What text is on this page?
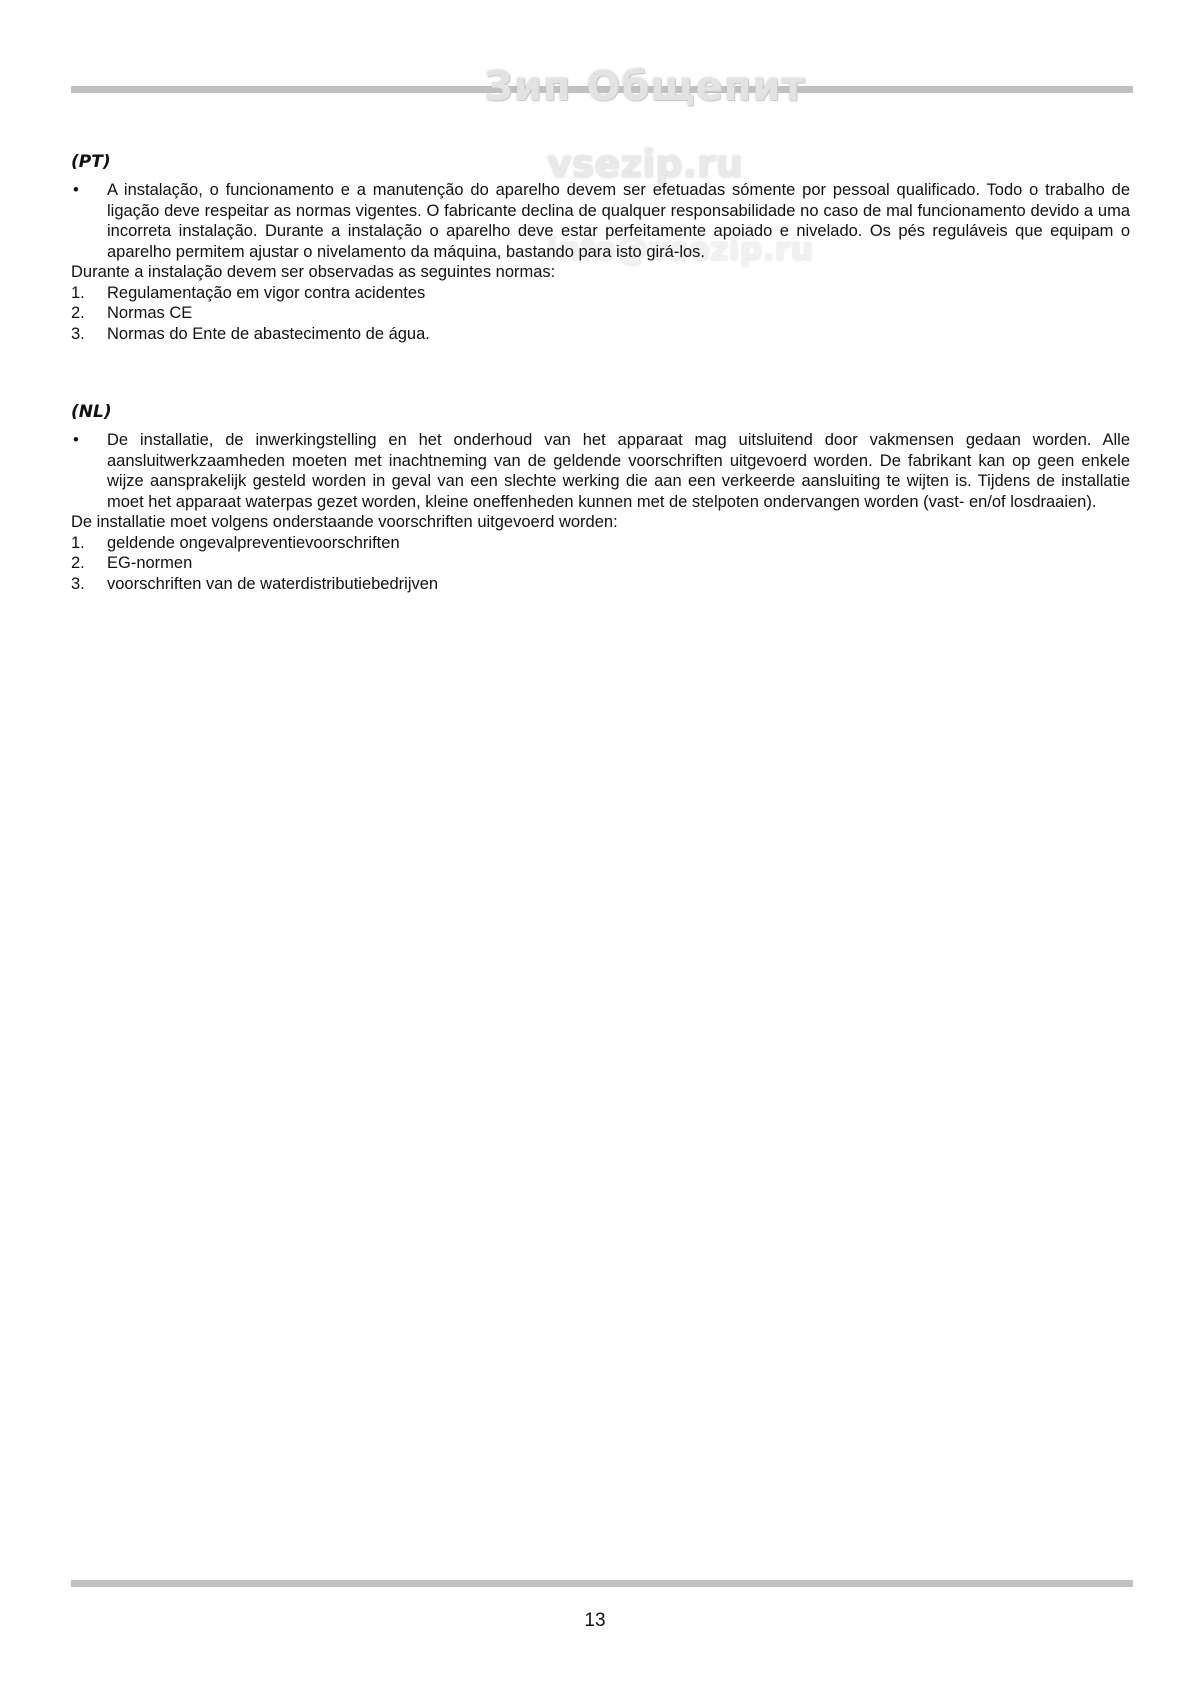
Зип Общепит
vsezip.ru
info@vsezip.ru
(PT)
• A instalação, o funcionamento e a manutenção do aparelho devem ser efetuadas sómente por pessoal qualificado. Todo o trabalho de ligação deve respeitar as normas vigentes. O fabricante declina de qualquer responsabilidade no caso de mal funcionamento devido a uma incorreta instalação. Durante a instalação o aparelho deve estar perfeitamente apoiado e nivelado. Os pés reguláveis que equipam o aparelho permitem ajustar o nivelamento da máquina, bastando para isto girá-los.

Durante a instalação devem ser observadas as seguintes normas:

1. Regulamentação em vigor contra acidentes
2. Normas CE
3. Normas do Ente de abastecimento de água.
(NL)
• De installatie, de inwerkingstelling en het onderhoud van het apparaat mag uitsluitend door vakmensen gedaan worden. Alle aansluitwerkzaamheden moeten met inachtneming van de geldende voorschriften uitgevoerd worden. De fabrikant kan op geen enkele wijze aansprakelijk gesteld worden in geval van een slechte werking die aan een verkeerde aansluiting te wijten is. Tijdens de installatie moet het apparaat waterpas gezet worden, kleine oneffenheden kunnen met de stelpoten ondervangen worden (vast- en/of losdraaien).

De installatie moet volgens onderstaande voorschriften uitgevoerd worden:

1. geldende ongevalpreventievoorschriften
2. EG-normen
3. voorschriften van de waterdistributiebedrijven
13
